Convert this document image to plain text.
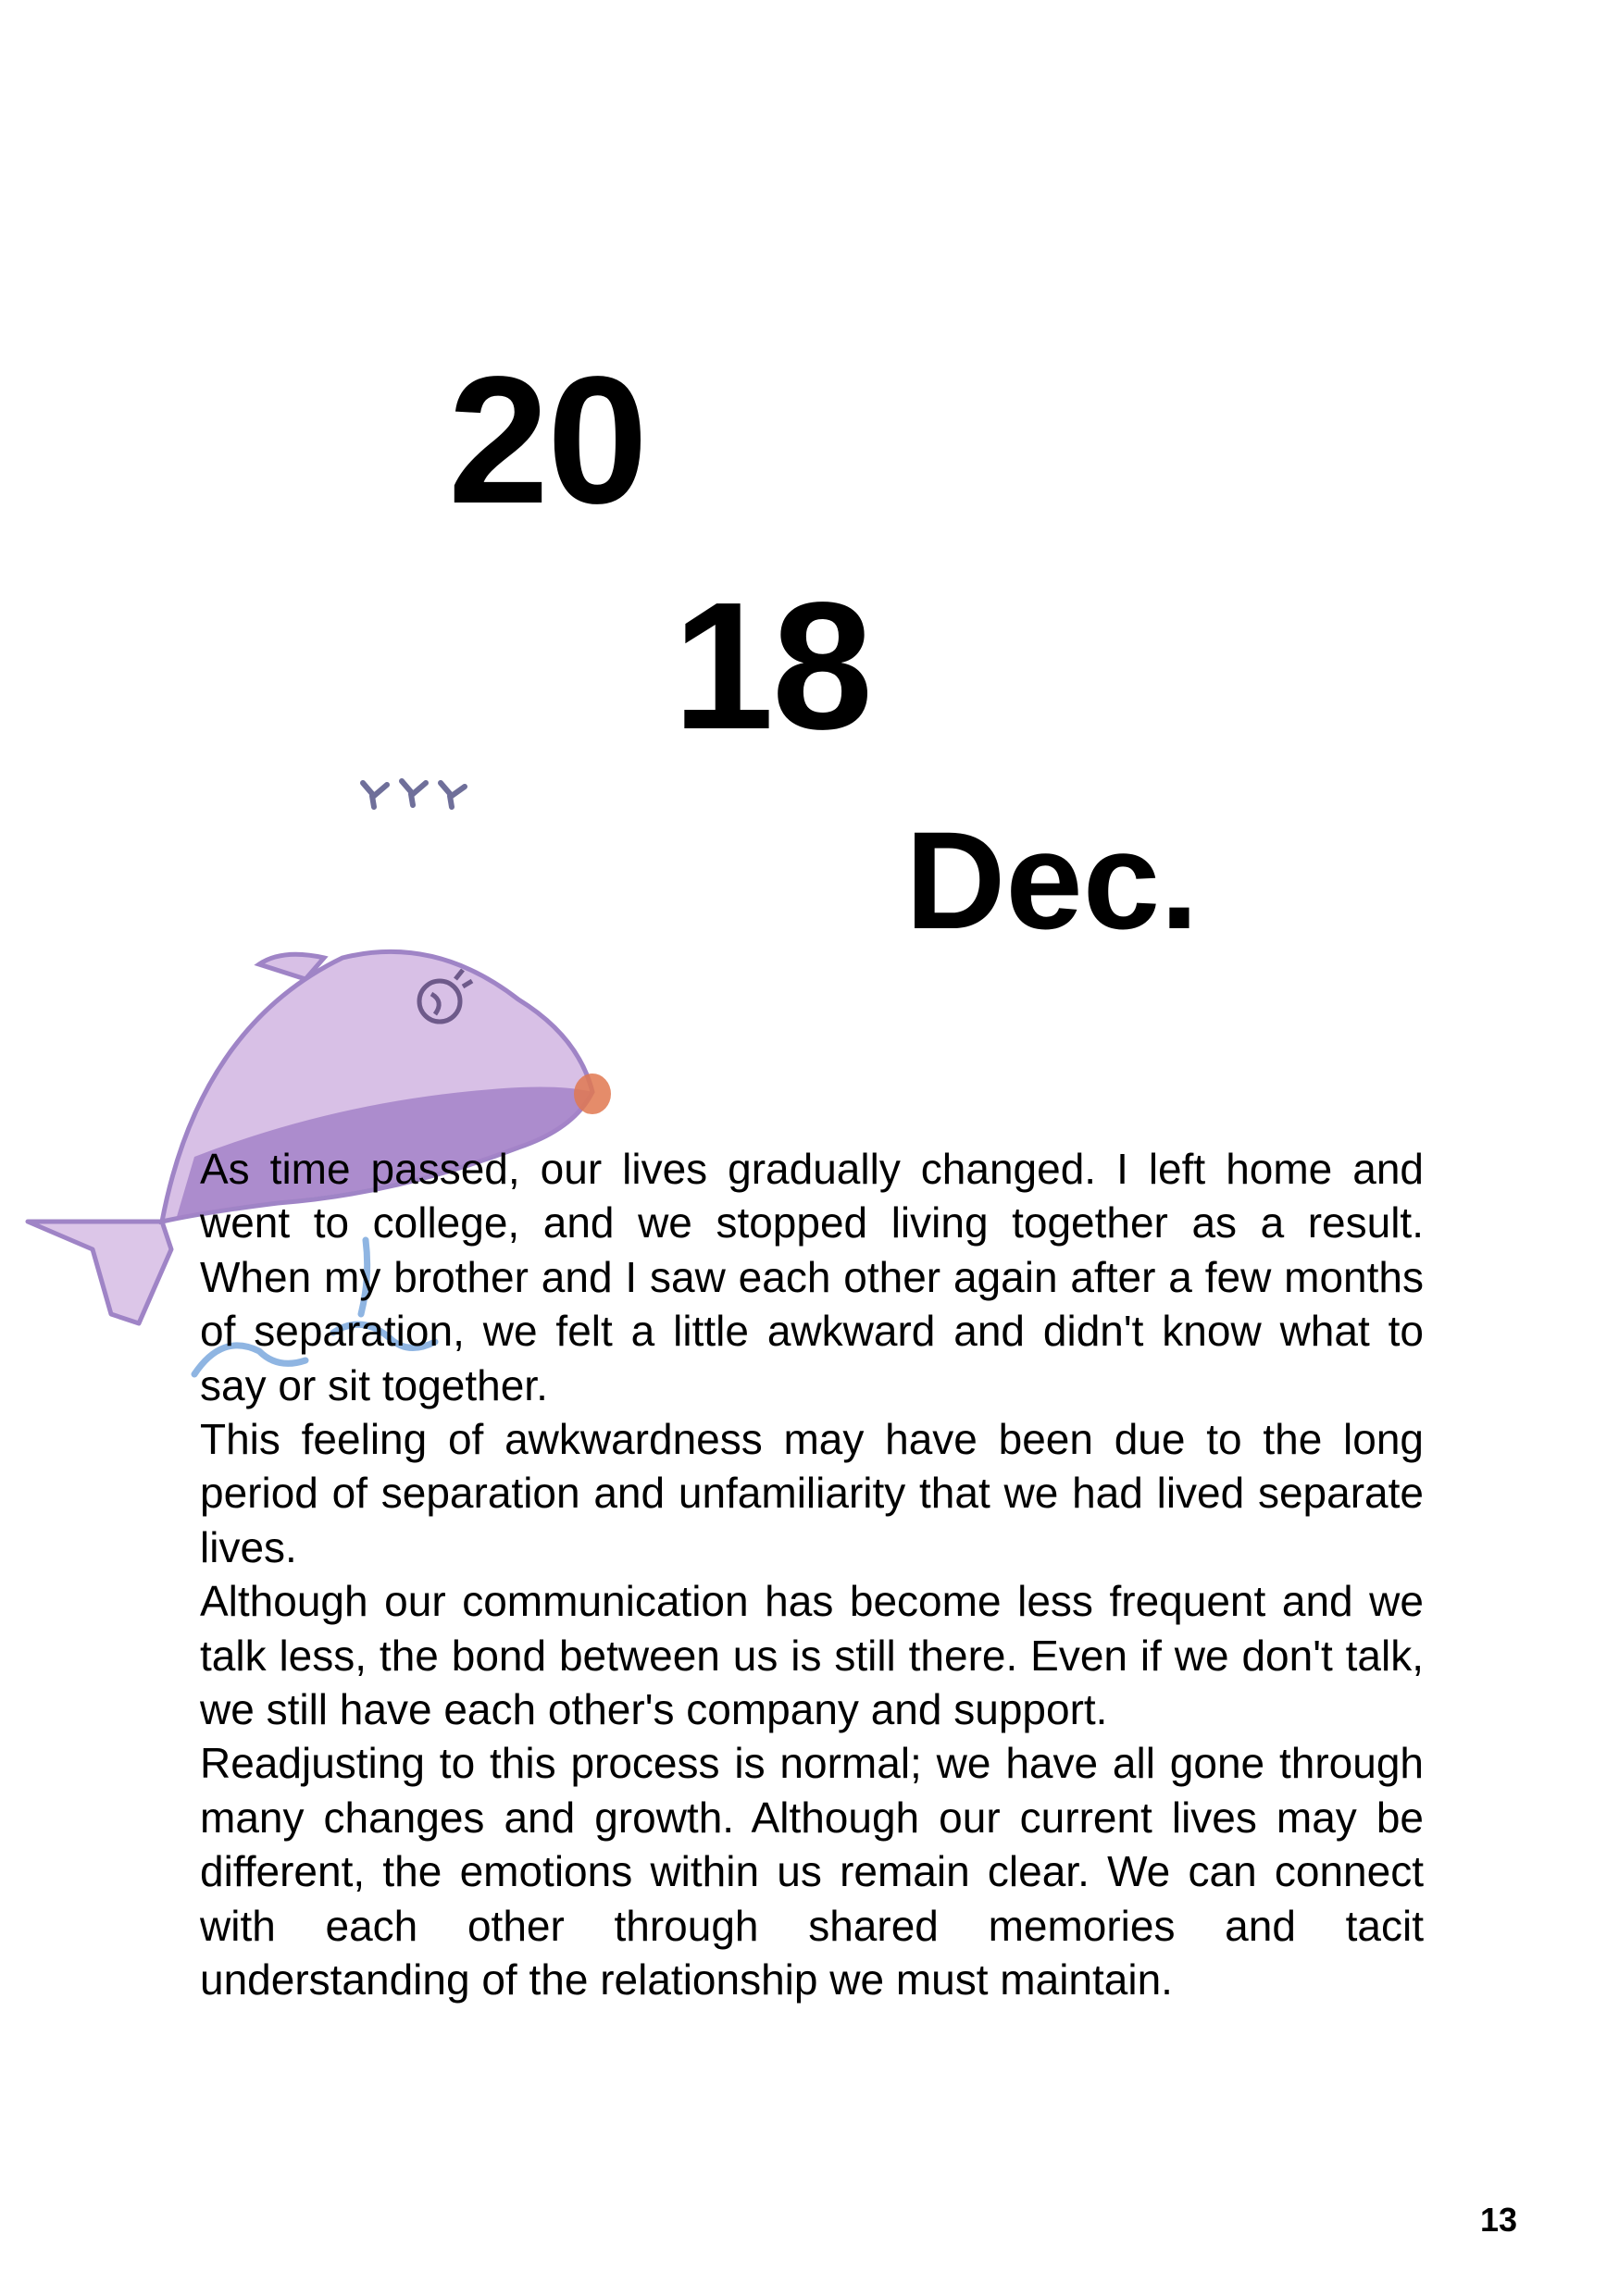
20
18
Dec.

As time passed, our lives gradually changed. I left home and went to college, and we stopped living together as a result. When my brother and I saw each other again after a few months of separation, we felt a little awkward and didn't know what to say or sit together.

This feeling of awkwardness may have been due to the long period of separation and unfamiliarity that we had lived separate lives.

Although our communication has become less frequent and we talk less, the bond between us is still there. Even if we don't talk, we still have each other's company and support.

Readjusting to this process is normal; we have all gone through many changes and growth. Although our current lives may be different, the emotions within us remain clear. We can connect with each other through shared memories and tacit understanding of the relationship we must maintain.

13
